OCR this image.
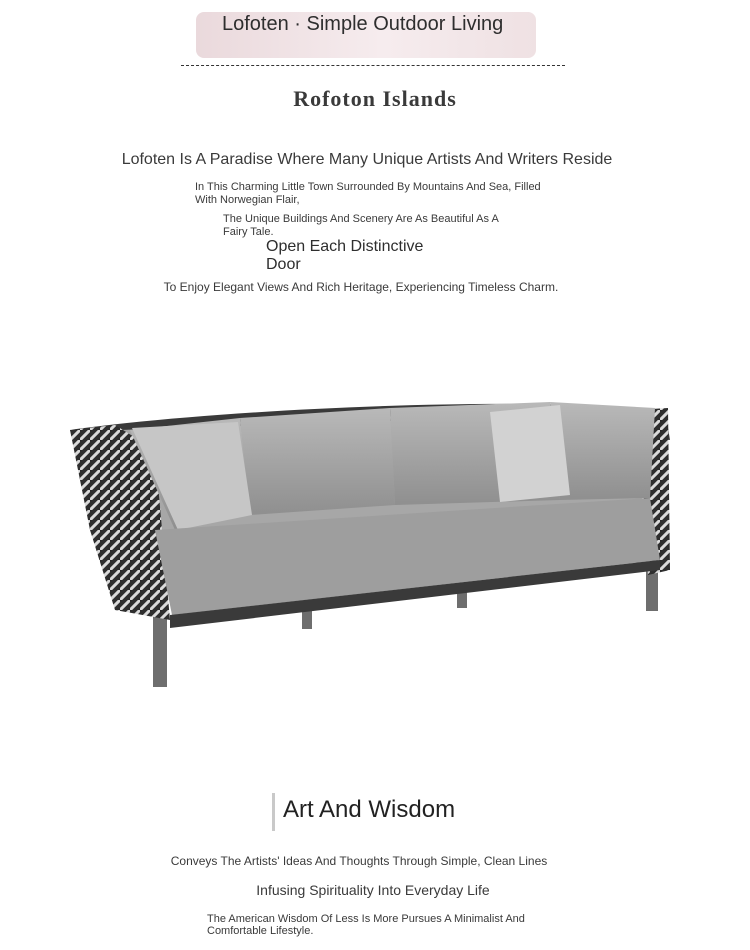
Lofoten · Simple Outdoor Living
Rofoton Islands
Lofoten Is A Paradise Where Many Unique Artists And Writers Reside
In This Charming Little Town Surrounded By Mountains And Sea, Filled With Norwegian Flair,
The Unique Buildings And Scenery Are As Beautiful As A Fairy Tale.
Open Each Distinctive Door
To Enjoy Elegant Views And Rich Heritage, Experiencing Timeless Charm.
Art And Wisdom
Conveys The Artists' Ideas And Thoughts Through Simple, Clean Lines
Infusing Spirituality Into Everyday Life
The American Wisdom Of Less Is More Pursues A Minimalist And Comfortable Lifestyle.
